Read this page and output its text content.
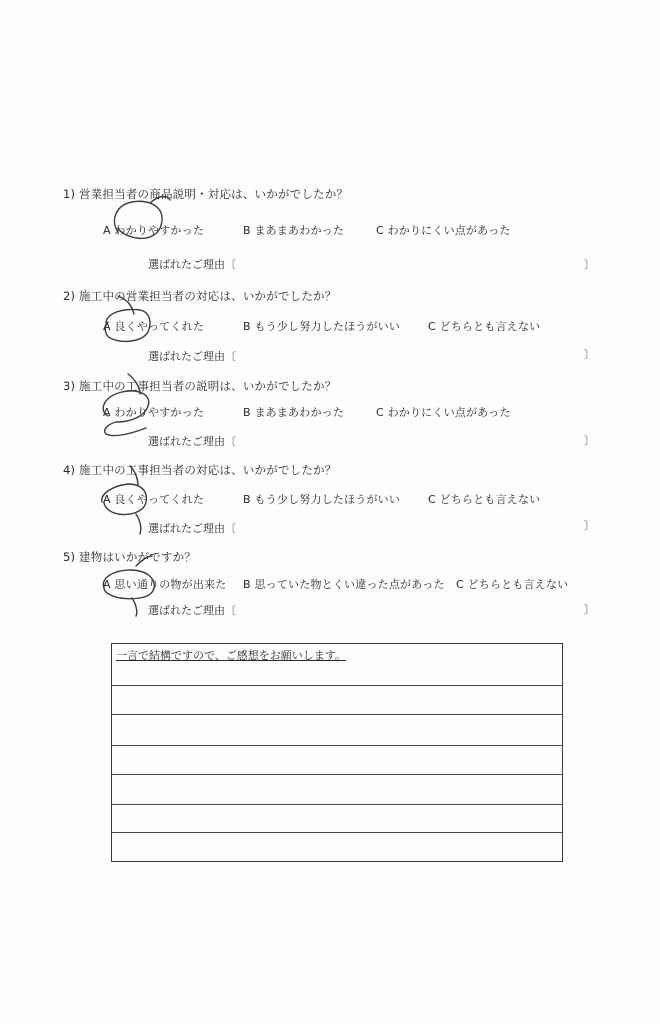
1) 営業担当者の商品説明・対応は、いかがでしたか？
A わかりやすかった	B まあまあわかった	C わかりにくい点があった
選ばれたご理由〔	〕
2) 施工中の営業担当者の対応は、いかがでしたか？
A 良くやってくれた	B もう少し努力したほうがいい	C どちらとも言えない
選ばれたご理由〔	〕
3) 施工中の工事担当者の説明は、いかがでしたか？
A わかりやすかった	B まあまあわかった	C わかりにくい点があった
選ばれたご理由〔	〕
4) 施工中の工事担当者の対応は、いかがでしたか？
A 良くやってくれた	B もう少し努力したほうがいい	C どちらとも言えない
選ばれたご理由〔	〕
5) 建物はいかがですか？
A 思い通りの物が出来た B 思っていた物とくい違った点があった C どちらとも言えない
選ばれたご理由〔	〕
一言で結構ですので、ご感想をお願いします。
